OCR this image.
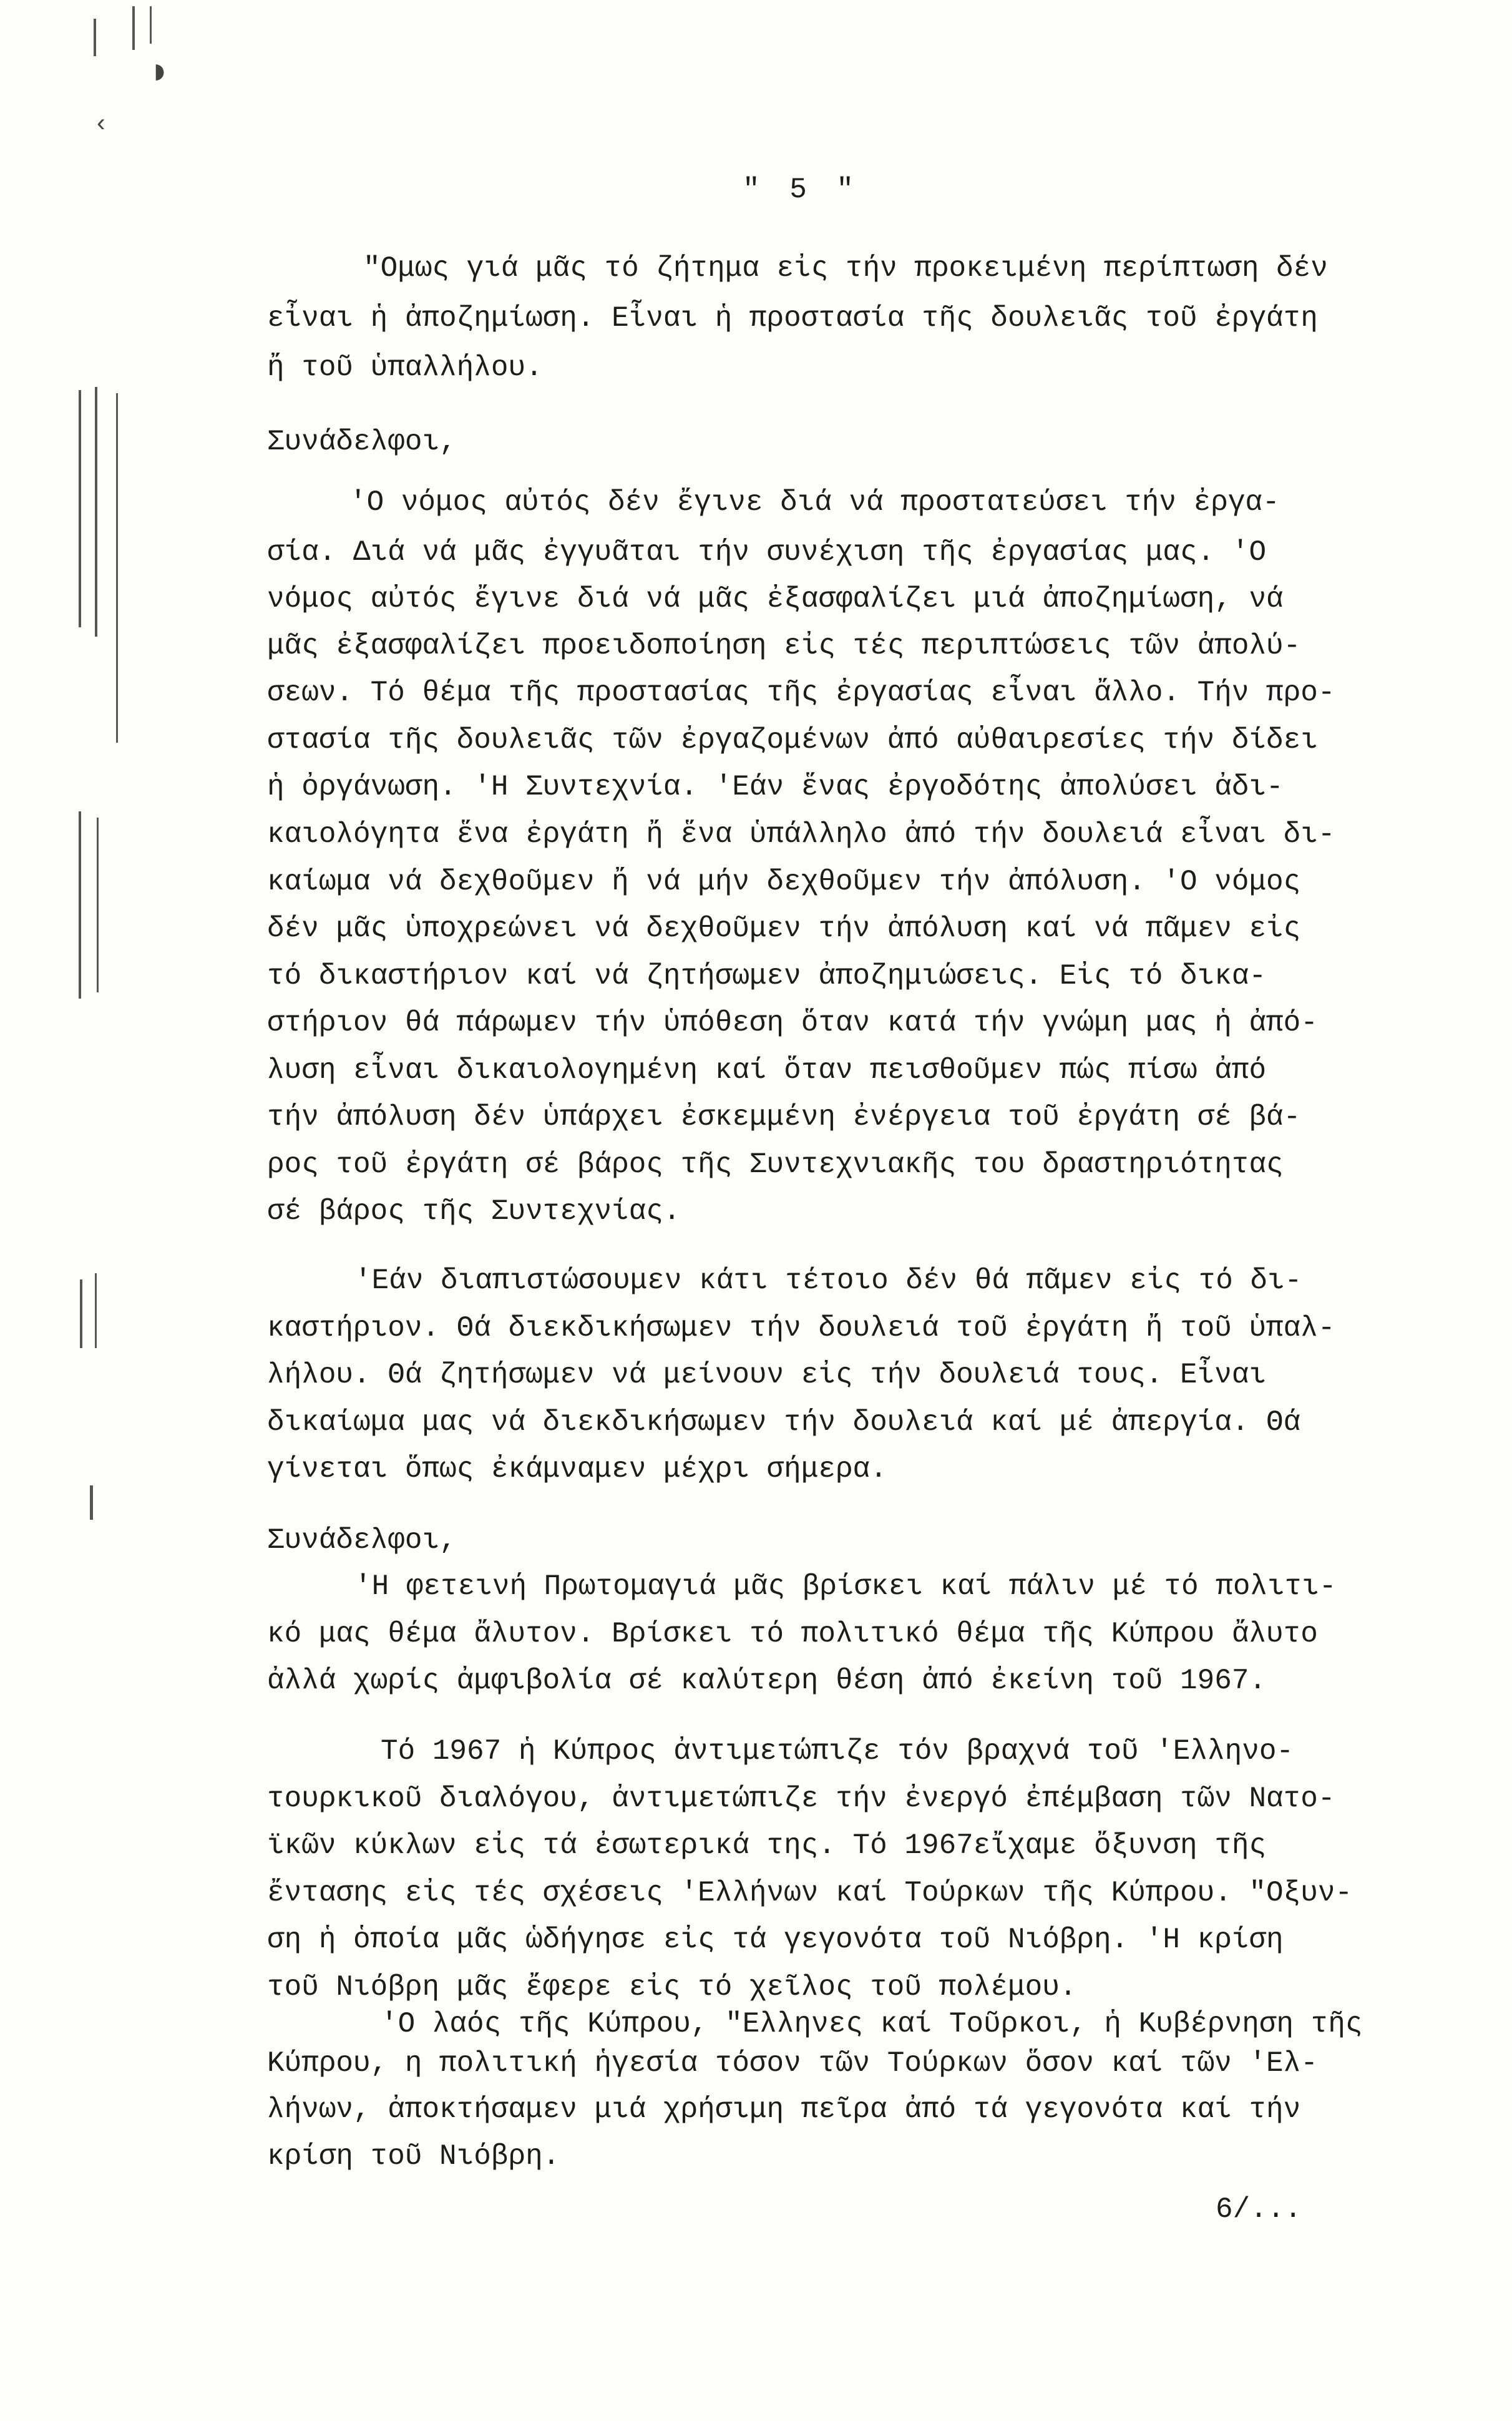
◗
‹
" 5 "
"Ομως γιά μᾶς τό ζήτημα εἰς τήν προκειμένη περίπτωση δέν
εἶναι ἡ ἀποζημίωση. Εἶναι ἡ προστασία τῆς δουλειᾶς τοῦ ἐργάτη
ἤ τοῦ ὑπαλλήλου.
Συνάδελφοι,
'Ο νόμος αὐτός δέν ἔγινε διά νά προστατεύσει τήν ἐργα-
σία. Διά νά μᾶς ἐγγυᾶται τήν συνέχιση τῆς ἐργασίας μας. 'Ο
νόμος αὐτός ἔγινε διά νά μᾶς ἐξασφαλίζει μιά ἀποζημίωση, νά
μᾶς ἐξασφαλίζει προειδοποίηση εἰς τές περιπτώσεις τῶν ἀπολύ-
σεων. Τό θέμα τῆς προστασίας τῆς ἐργασίας εἶναι ἄλλο. Τήν προ-
στασία τῆς δουλειᾶς τῶν ἐργαζομένων ἀπό αὐθαιρεσίες τήν δίδει
ἡ ὀργάνωση. 'Η Συντεχνία. 'Εάν ἕνας ἐργοδότης ἀπολύσει ἀδι-
καιολόγητα ἕνα ἐργάτη ἤ ἕνα ὑπάλληλο ἀπό τήν δουλειά εἶναι δι-
καίωμα νά δεχθοῦμεν ἤ νά μήν δεχθοῦμεν τήν ἀπόλυση. 'Ο νόμος
δέν μᾶς ὑποχρεώνει νά δεχθοῦμεν τήν ἀπόλυση καί νά πᾶμεν εἰς
τό δικαστήριον καί νά ζητήσωμεν ἀποζημιώσεις. Εἰς τό δικα-
στήριον θά πάρωμεν τήν ὑπόθεση ὅταν κατά τήν γνώμη μας ἡ ἀπό-
λυση εἶναι δικαιολογημένη καί ὅταν πεισθοῦμεν πώς πίσω ἀπό
τήν ἀπόλυση δέν ὑπάρχει ἐσκεμμένη ἐνέργεια τοῦ ἐργάτη σέ βά-
ρος τοῦ ἐργάτη σέ βάρος τῆς Συντεχνιακῆς του δραστηριότητας
σέ βάρος τῆς Συντεχνίας.
'Εάν διαπιστώσουμεν κάτι τέτοιο δέν θά πᾶμεν εἰς τό δι-
καστήριον. Θά διεκδικήσωμεν τήν δουλειά τοῦ ἐργάτη ἤ τοῦ ὑπαλ-
λήλου. Θά ζητήσωμεν νά μείνουν εἰς τήν δουλειά τους. Εἶναι
δικαίωμα μας νά διεκδικήσωμεν τήν δουλειά καί μέ ἀπεργία. Θά
γίνεται ὅπως ἐκάμναμεν μέχρι σήμερα.
Συνάδελφοι,
'Η φετεινή Πρωτομαγιά μᾶς βρίσκει καί πάλιν μέ τό πολιτι-
κό μας θέμα ἄλυτον. Βρίσκει τό πολιτικό θέμα τῆς Κύπρου ἄλυτο
ἀλλά χωρίς ἀμφιβολία σέ καλύτερη θέση ἀπό ἐκείνη τοῦ 1967.
Τό 1967 ἡ Κύπρος ἀντιμετώπιζε τόν βραχνά τοῦ 'Ελληνο-
τουρκικοῦ διαλόγου, ἀντιμετώπιζε τήν ἐνεργό ἐπέμβαση τῶν Νατο-
ϊκῶν κύκλων εἰς τά ἐσωτερικά της. Τό 1967εἴχαμε ὄξυνση τῆς
ἔντασης εἰς τές σχέσεις 'Ελλήνων καί Τούρκων τῆς Κύπρου. "Οξυν-
ση ἡ ὁποία μᾶς ὡδήγησε εἰς τά γεγονότα τοῦ Νιόβρη. 'Η κρίση
τοῦ Νιόβρη μᾶς ἔφερε εἰς τό χεῖλος τοῦ πολέμου.
'Ο λαός τῆς Κύπρου, "Ελληνες καί Τοῦρκοι, ἡ Κυβέρνηση τῆς
Κύπρου, η πολιτική ἡγεσία τόσον τῶν Τούρκων ὅσον καί τῶν 'Ελ-
λήνων, ἀποκτήσαμεν μιά χρήσιμη πεῖρα ἀπό τά γεγονότα καί τήν
κρίση τοῦ Νιόβρη.
6/...
